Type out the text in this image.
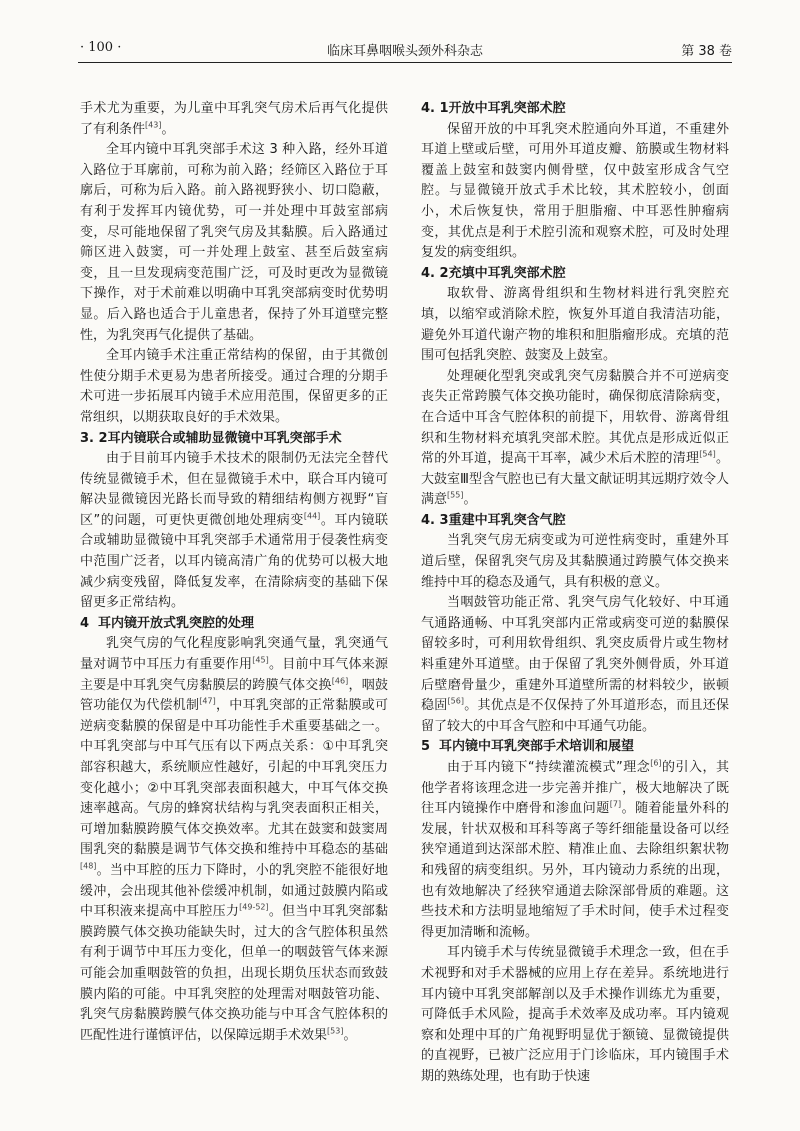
· 100 ·	临床耳鼻咽喉头颈外科杂志	第 38 卷

手术尤为重要，为儿童中耳乳突气房术后再气化提供了有利条件[43]。

全耳内镜中耳乳突部手术这 3 种入路，经外耳道入路位于耳廓前，可称为前入路；经筛区入路位于耳廓后，可称为后入路。前入路视野狭小、切口隐蔽，有利于发挥耳内镜优势，可一并处理中耳鼓室部病变，尽可能地保留了乳突气房及其黏膜。后入路通过筛区进入鼓窦，可一并处理上鼓室、甚至后鼓室病变，且一旦发现病变范围广泛，可及时更改为显微镜下操作，对于术前难以明确中耳乳突部病变时优势明显。后入路也适合于儿童患者，保持了外耳道壁完整性，为乳突再气化提供了基础。

全耳内镜手术注重正常结构的保留，由于其微创性使分期手术更易为患者所接受。通过合理的分期手术可进一步拓展耳内镜手术应用范围，保留更多的正常组织，以期获取良好的手术效果。

3. 2耳内镜联合或辅助显微镜中耳乳突部手术

由于目前耳内镜手术技术的限制仍无法完全替代传统显微镜手术，但在显微镜手术中，联合耳内镜可解决显微镜因光路长而导致的精细结构侧方视野“盲区”的问题，可更快更微创地处理病变[44]。耳内镜联合或辅助显微镜中耳乳突部手术通常用于侵袭性病变中范围广泛者，以耳内镜高清广角的优势可以极大地减少病变残留，降低复发率，在清除病变的基础下保留更多正常结构。

4 耳内镜开放式乳突腔的处理

乳突气房的气化程度影响乳突通气量，乳突通气量对调节中耳压力有重要作用[45]。目前中耳气体来源主要是中耳乳突气房黏膜层的跨膜气体交换[46]，咽鼓管功能仅为代偿机制[47]，中耳乳突部的正常黏膜或可逆病变黏膜的保留是中耳功能性手术重要基础之一。中耳乳突部与中耳气压有以下两点关系：①中耳乳突部容积越大，系统顺应性越好，引起的中耳乳突压力变化越小；②中耳乳突部表面积越大，中耳气体交换速率越高。气房的蜂窝状结构与乳突表面积正相关，可增加黏膜跨膜气体交换效率。尤其在鼓窦和鼓窦周围乳突的黏膜是调节气体交换和维持中耳稳态的基础[48]。当中耳腔的压力下降时，小的乳突腔不能很好地缓冲，会出现其他补偿缓冲机制，如通过鼓膜内陷或中耳积液来提高中耳腔压力[49-52]。但当中耳乳突部黏膜跨膜气体交换功能缺失时，过大的含气腔体积虽然有利于调节中耳压力变化，但单一的咽鼓管气体来源可能会加重咽鼓管的负担，出现长期负压状态而致鼓膜内陷的可能。中耳乳突腔的处理需对咽鼓管功能、乳突气房黏膜跨膜气体交换功能与中耳含气腔体积的匹配性进行谨慎评估，以保障远期手术效果[53]。

4. 1开放中耳乳突部术腔

保留开放的中耳乳突术腔通向外耳道，不重建外耳道上壁或后壁，可用外耳道皮瓣、筋膜或生物材料覆盖上鼓室和鼓窦内侧骨壁，仅中鼓室形成含气空腔。与显微镜开放式手术比较，其术腔较小，创面小，术后恢复快，常用于胆脂瘤、中耳恶性肿瘤病变，其优点是利于术腔引流和观察术腔，可及时处理复发的病变组织。

4. 2充填中耳乳突部术腔

取软骨、游离骨组织和生物材料进行乳突腔充填，以缩窄或消除术腔，恢复外耳道自我清洁功能，避免外耳道代谢产物的堆积和胆脂瘤形成。充填的范围可包括乳突腔、鼓窦及上鼓室。

处理硬化型乳突或乳突气房黏膜合并不可逆病变丧失正常跨膜气体交换功能时，确保彻底清除病变，在合适中耳含气腔体积的前提下，用软骨、游离骨组织和生物材料充填乳突部术腔。其优点是形成近似正常的外耳道，提高干耳率，减少术后术腔的清理[54]。大鼓室Ⅲ型含气腔也已有大量文献证明其远期疗效令人满意[55]。

4. 3重建中耳乳突含气腔

当乳突气房无病变或为可逆性病变时，重建外耳道后壁，保留乳突气房及其黏膜通过跨膜气体交换来维持中耳的稳态及通气，具有积极的意义。

当咽鼓管功能正常、乳突气房气化较好、中耳通气通路通畅、中耳乳突部内正常或病变可逆的黏膜保留较多时，可利用软骨组织、乳突皮质骨片或生物材料重建外耳道壁。由于保留了乳突外侧骨质，外耳道后壁磨骨量少，重建外耳道壁所需的材料较少，嵌顿稳固[56]。其优点是不仅保持了外耳道形态，而且还保留了较大的中耳含气腔和中耳通气功能。

5 耳内镜中耳乳突部手术培训和展望

由于耳内镜下“持续灌流模式”理念[6]的引入，其他学者将该理念进一步完善并推广，极大地解决了既往耳内镜操作中磨骨和渗血问题[7]。随着能量外科的发展，针状双极和耳科等离子等纤细能量设备可以经狭窄通道到达深部术腔、精准止血、去除组织絮状物和残留的病变组织。另外，耳内镜动力系统的出现，也有效地解决了经狭窄通道去除深部骨质的难题。这些技术和方法明显地缩短了手术时间，使手术过程变得更加清晰和流畅。

耳内镜手术与传统显微镜手术理念一致，但在手术视野和对手术器械的应用上存在差异。系统地进行耳内镜中耳乳突部解剖以及手术操作训练尤为重要，可降低手术风险，提高手术效率及成功率。耳内镜观察和处理中耳的广角视野明显优于额镜、显微镜提供的直视野，已被广泛应用于门诊临床，耳内镜围手术期的熟练处理，也有助于快速
